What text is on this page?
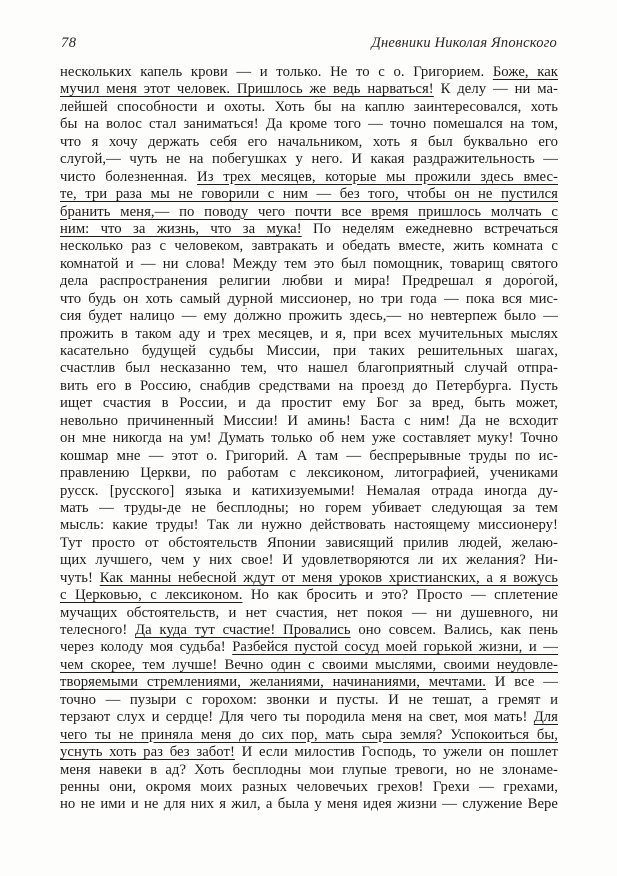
78	Дневники Николая Японского
нескольких капель крови — и только. Не то с о. Григорием. Боже, как
мучил меня этот человек. Пришлось же ведь нарваться! К делу — ни ма-
лейшей способности и охоты. Хоть бы на каплю заинтересовался, хоть
бы на волос стал заниматься! Да кроме того — точно помешался на том,
что я хочу держать себя его начальником, хоть я был буквально его
слугой,— чуть не на побегушках у него. И какая раздражительность —
чисто болезненная. Из трех месяцев, которые мы прожили здесь вмес-
те, три раза мы не говорили с ним — без того, чтобы он не пустился
бранить меня,— по поводу чего почти все время пришлось молчать с
ним: что за жизнь, что за мука! По неделям ежедневно встречаться
несколько раз с человеком, завтракать и обедать вместе, жить комната с
комнатой и — ни слова! Между тем это был помощник, товарищ святого
дела распространения религии любви и мира! Предрешал я доро́гой,
что будь он хоть самый дурной миссионер, но три года — пока вся мис-
сия будет налицо — ему до́лжно прожить здесь,— но невтерпеж было —
прожить в таком аду и трех месяцев, и я, при всех мучительных мыслях
касательно будущей судьбы Миссии, при таких решительных шагах,
счастлив был несказанно тем, что нашел благоприятный случай отпра-
вить его в Россию, снабдив средствами на проезд до Петербурга. Пусть
ищет счастия в России, и да простит ему Бог за вред, быть может,
невольно причиненный Миссии! И аминь! Баста с ним! Да не всходит
он мне никогда на ум! Думать только об нем уже составляет муку! Точно
кошмар мне — этот о. Григорий. А там — беспрерывные труды по ис-
правлению Церкви, по работам с лексиконом, литографией, учениками
русск. [русского] языка и катихизуемыми! Немалая отрада иногда ду-
мать — труды-де не бесплодны; но горем убивает следующая за тем
мысль: какие труды! Так ли нужно действовать настоящему миссионеру!
Тут просто от обстоятельств Японии зависящий прилив людей, желаю-
щих лучшего, чем у них свое! И удовлетворяются ли их желания? Ни-
чуть! Как манны небесной ждут от меня уроков христианских, а я вожусь
с Церковью, с лексиконом. Но как бросить и это? Просто — сплетение
мучащих обстоятельств, и нет счастия, нет покоя — ни душевного, ни
телесного! Да куда тут счастие! Провались оно совсем. Вались, как пень
через колоду моя судьба! Разбейся пустой сосуд моей горькой жизни, и —
чем скорее, тем лучше! Вечно один с своими мыслями, своими неудовле-
творяемыми стремлениями, желаниями, начинаниями, мечтами. И все —
точно — пузыри с горохом: звонки и пусты. И не тешат, а гремят и
терзают слух и сердце! Для чего ты породила меня на свет, моя мать! Для
чего ты не приняла меня до сих пор, мать сыра земля? Успокоиться бы,
уснуть хоть раз без забот! И если милостив Господь, то ужели он пошлет
меня навеки в ад? Хоть бесплодны мои глупые тревоги, но не злонаме-
ренны они, окромя моих разных человечьих грехов! Грехи — грехами,
но не ими и не для них я жил, а была у меня идея жизни — служение Вере
